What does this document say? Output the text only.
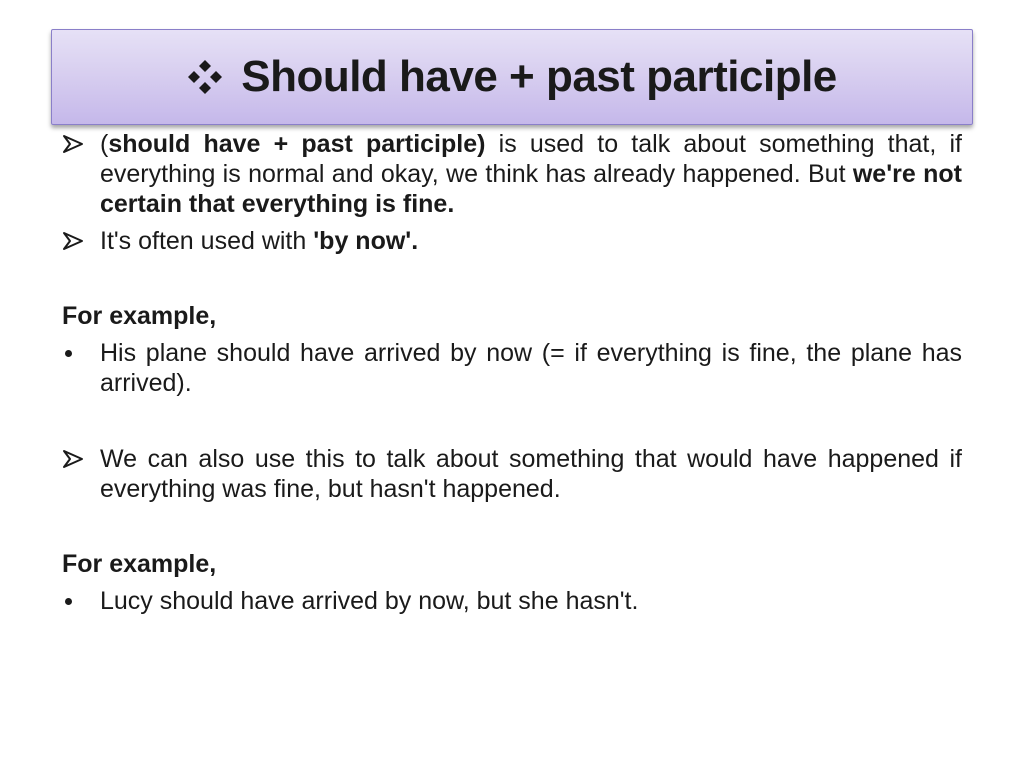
Should have + past participle
(should have + past participle) is used to talk about something that, if everything is normal and okay, we think has already happened. But we're not certain that everything is fine.
It's often used with 'by now'.
For example,
His plane should have arrived by now (= if everything is fine, the plane has arrived).
We can also use this to talk about something that would have happened if everything was fine, but hasn't happened.
For example,
Lucy should have arrived by now, but she hasn't.
